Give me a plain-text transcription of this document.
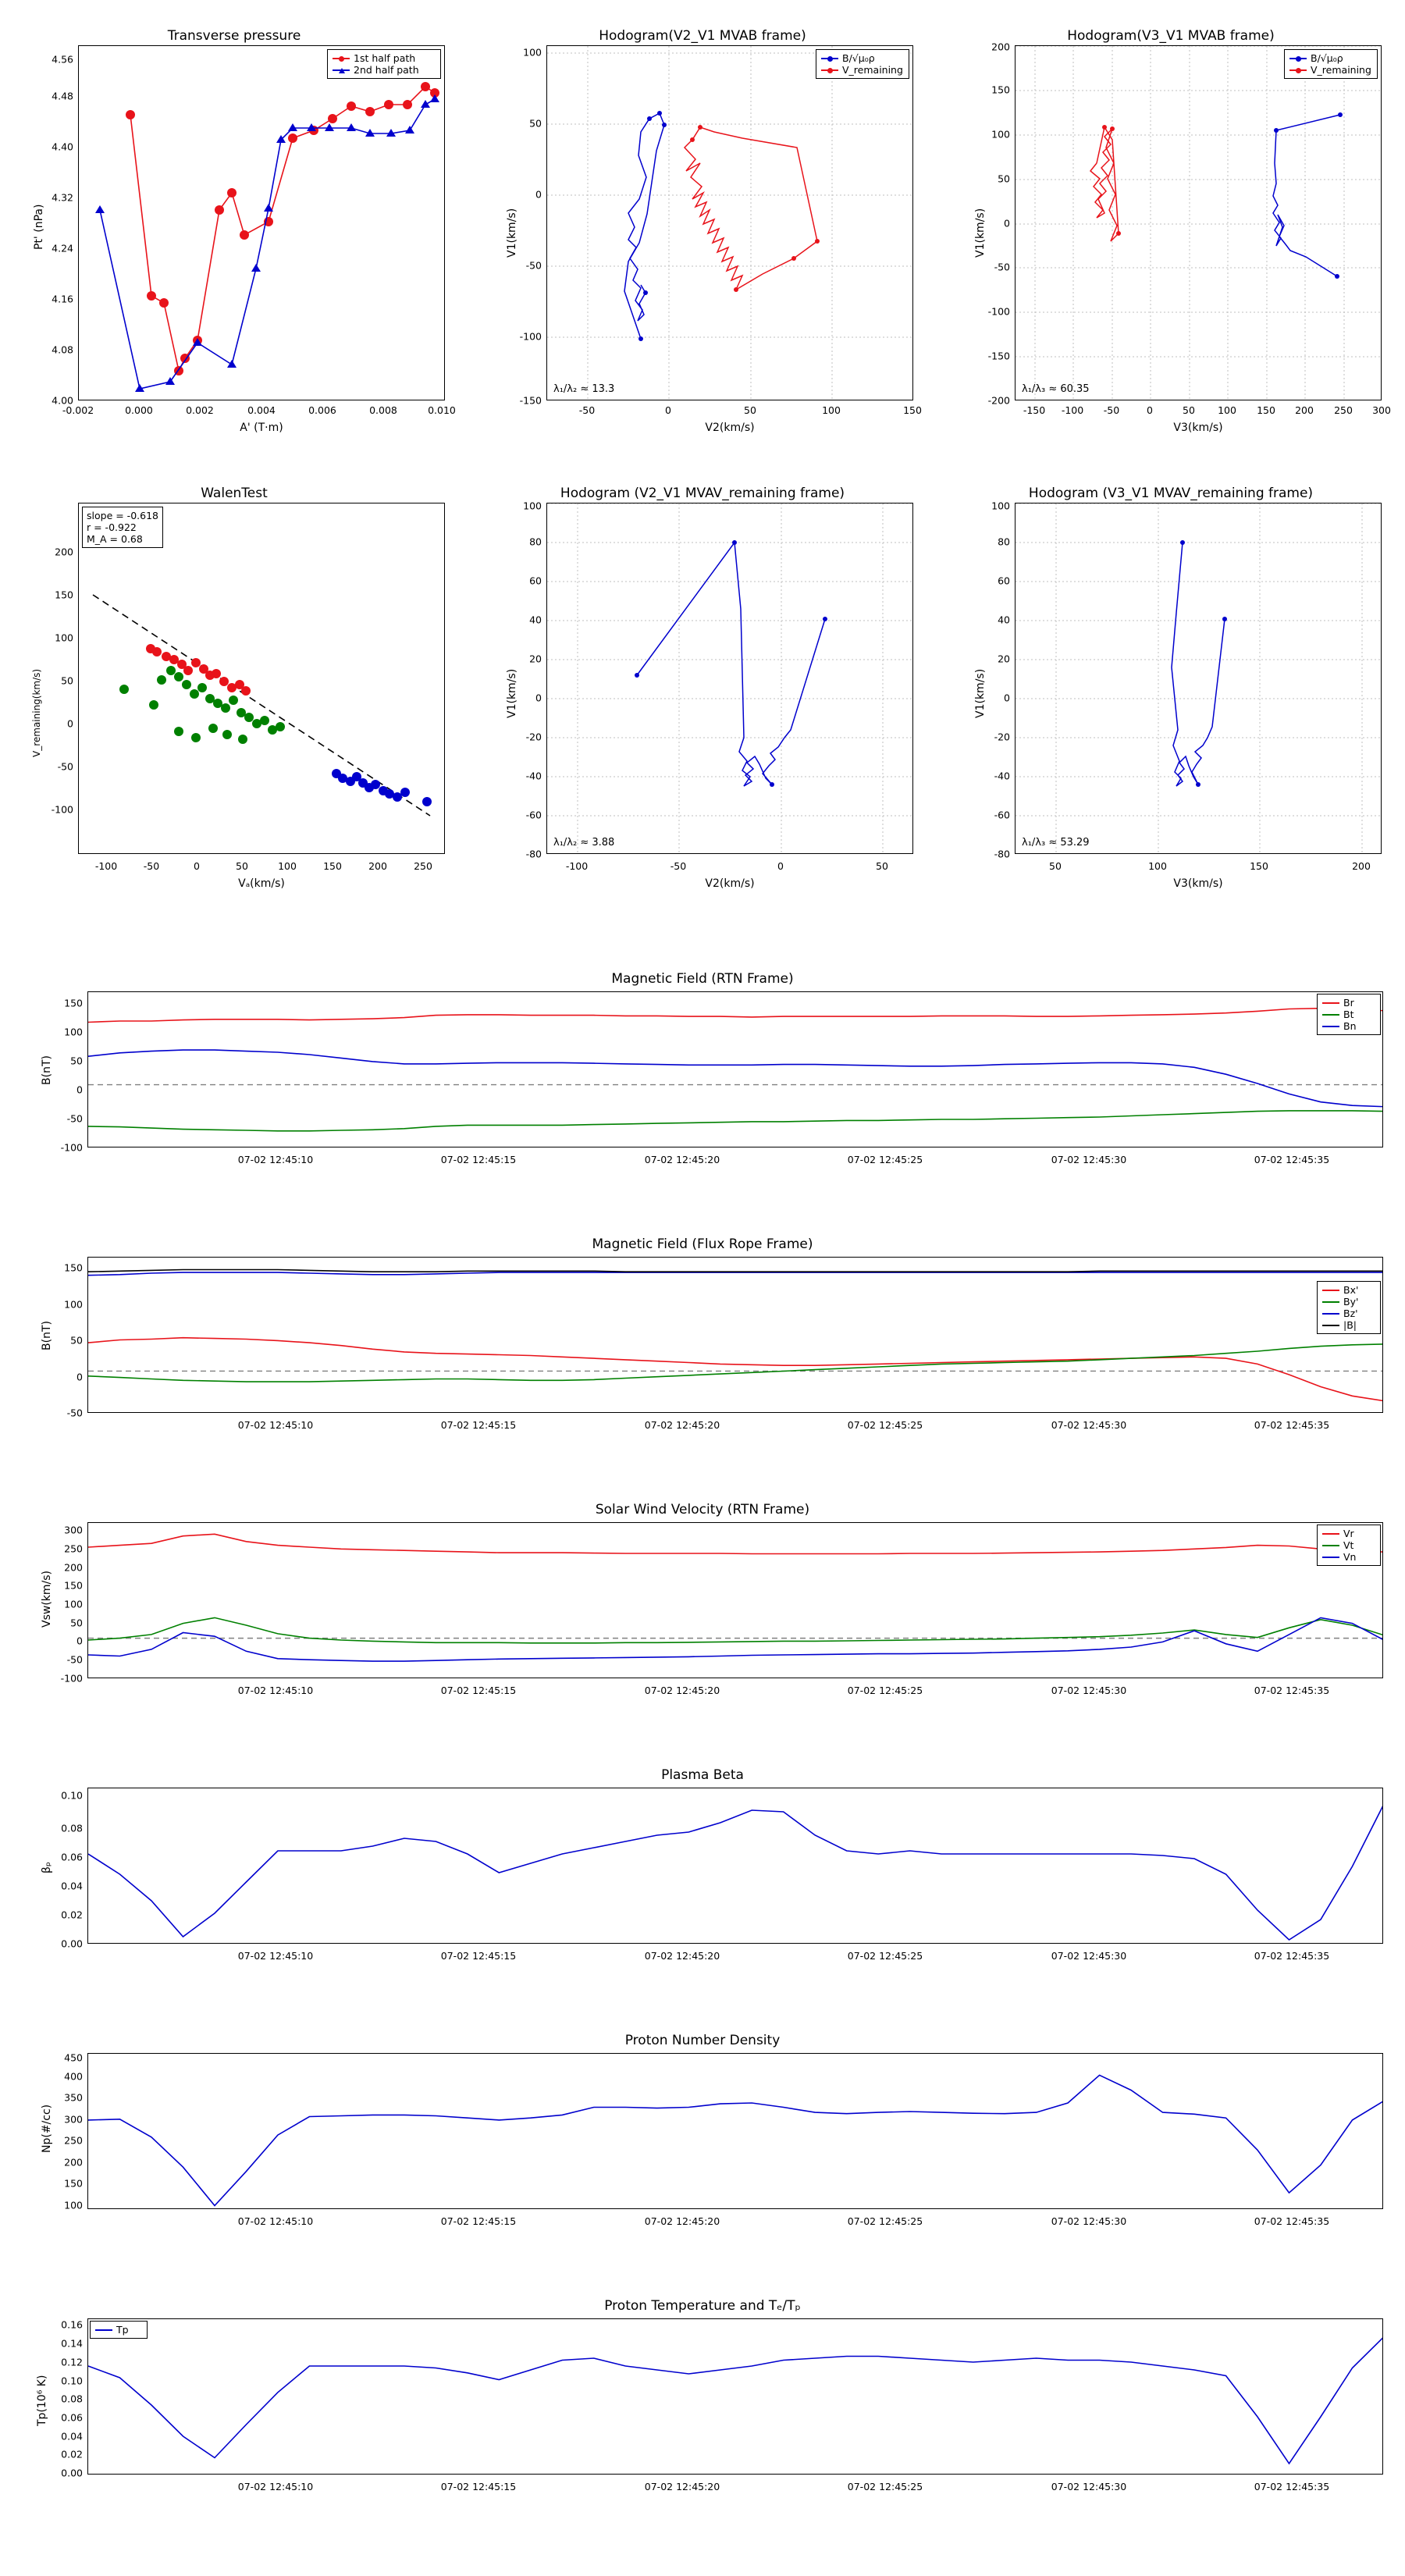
Transverse pressure
1st half path
2nd half path
Pt' (nPa)
A' (T·m)
4.00
4.08
4.16
4.24
4.32
4.40
4.48
4.56
-0.002	0.000	0.002	0.004	0.006	0.008	0.010
Hodogram(V2_V1 MVAB frame)
B/√μ₀ρ
V_remaining
λ₁/λ₂ ≈ 13.3
V1(km/s)
V2(km/s)
-150
-100
-50
0
50
100
-50	0	50	100	150
Hodogram(V3_V1 MVAB frame)
B/√μ₀ρ
V_remaining
λ₁/λ₃ ≈ 60.35
V1(km/s)
V3(km/s)
-200
-150
-100
-50
0
50
100
150
200
-150 -100 -50	0	50 100 150 200 250 300
WalenTest
slope = -0.618
r = -0.922
M_A = 0.68
V_remaining(km/s)
Vₐ(km/s)
-100
-50
0
50
100
150
200
-100	-50	0	50	100	150	200	250
Hodogram (V2_V1 MVAV_remaining frame)
λ₁/λ₂ ≈ 3.88
V1(km/s)
V2(km/s)
-80
-60
-40
-20
0
20
40
60
80
100
-100	-50	0	50
Hodogram (V3_V1 MVAV_remaining frame)
λ₁/λ₃ ≈ 53.29
V1(km/s)
V3(km/s)
-80
-60
-40
-20
0
20
40
60
80
100
50	100	150	200
Magnetic Field (RTN Frame)
Br
Bt
Bn
B(nT)
-100
-50
0
50
100
150
07-02 12:45:10	07-02 12:45:15	07-02 12:45:20	07-02 12:45:25	07-02 12:45:30	07-02 12:45:35
Magnetic Field (Flux Rope Frame)
Bx'
By'
Bz'
|B|
B(nT)
-50
0
50
100
150
07-02 12:45:10	07-02 12:45:15	07-02 12:45:20	07-02 12:45:25	07-02 12:45:30	07-02 12:45:35
Solar Wind Velocity (RTN Frame)
Vr
Vt
Vn
Vsw(km/s)
-100
-50
0
50
100
150
200
250
300
07-02 12:45:10	07-02 12:45:15	07-02 12:45:20	07-02 12:45:25	07-02 12:45:30	07-02 12:45:35
Plasma Beta
βₚ
0.00
0.02
0.04
0.06
0.08
0.10
07-02 12:45:10	07-02 12:45:15	07-02 12:45:20	07-02 12:45:25	07-02 12:45:30	07-02 12:45:35
Proton Number Density
Np(#/cc)
100
150
200
250
300
350
400
450
07-02 12:45:10	07-02 12:45:15	07-02 12:45:20	07-02 12:45:25	07-02 12:45:30	07-02 12:45:35
Proton Temperature and Tₑ/Tₚ
Tp
Tp(10⁶ K)
0.00
0.02
0.04
0.06
0.08
0.10
0.12
0.14
0.16
07-02 12:45:10	07-02 12:45:15	07-02 12:45:20	07-02 12:45:25	07-02 12:45:30	07-02 12:45:35
